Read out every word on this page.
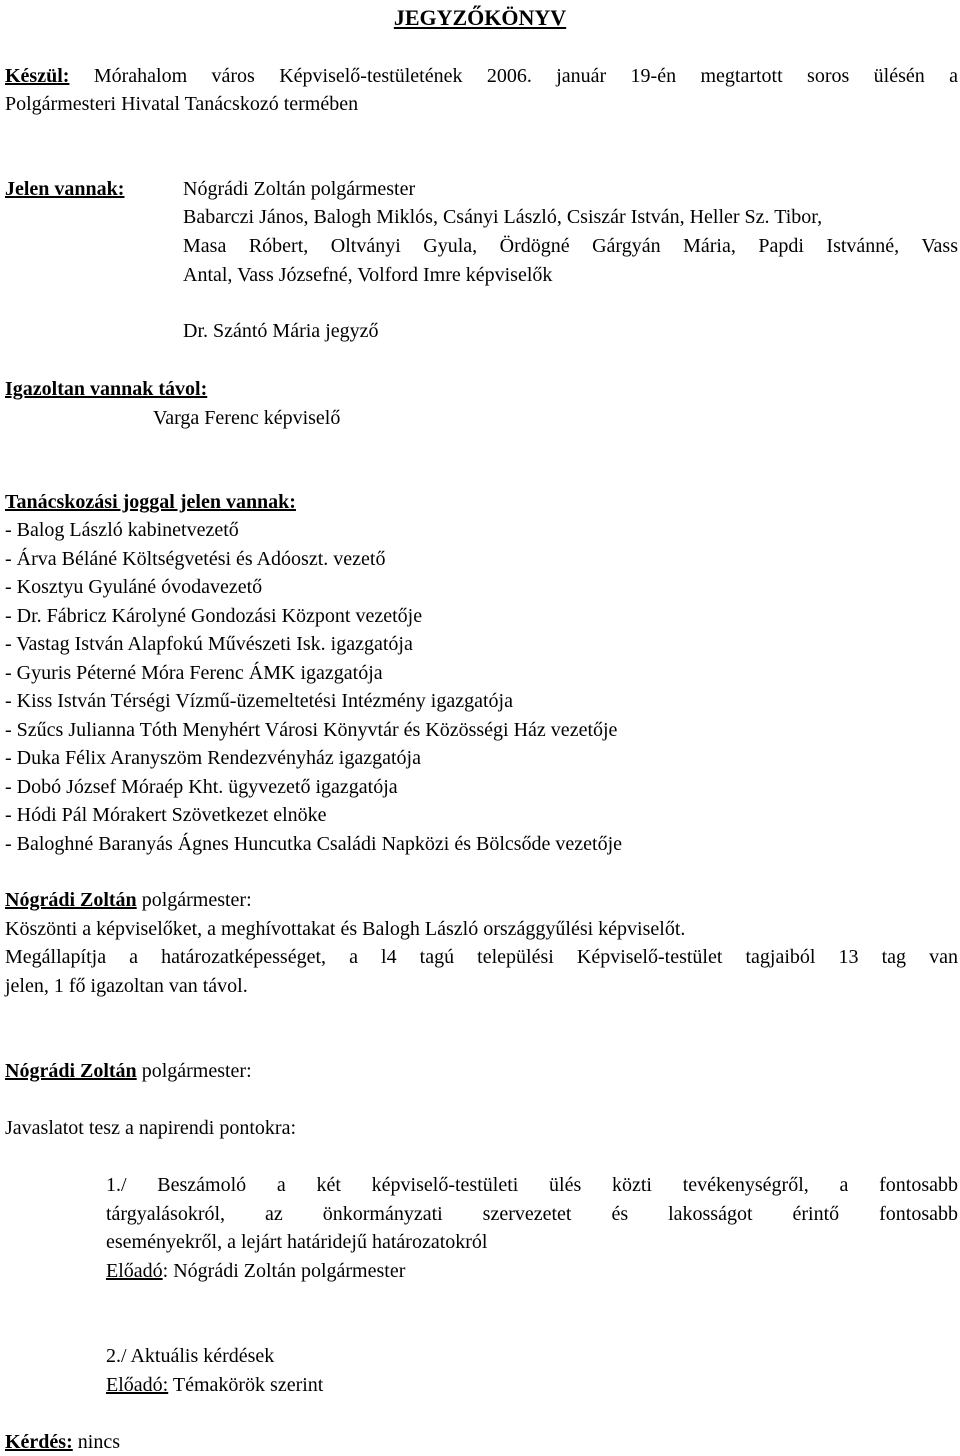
JEGYZŐKÖNYV
Készül: Mórahalom város Képviselő-testületének 2006. január 19-én megtartott soros ülésén a
Polgármesteri Hivatal Tanácskozó termében
Jelen vannak:	Nógrádi Zoltán polgármester
Babarczi János, Balogh Miklós, Csányi László, Csiszár István, Heller Sz. Tibor,
Masa Róbert, Oltványi Gyula, Ördögné Gárgyán Mária, Papdi Istvánné, Vass
Antal, Vass Józsefné, Volford Imre képviselők
Dr. Szántó Mária jegyző
Igazoltan vannak távol:
Varga Ferenc képviselő
Tanácskozási joggal jelen vannak:
- Balog László kabinetvezető
- Árva Béláné Költségvetési és Adóoszt. vezető
- Kosztyu Gyuláné óvodavezető
- Dr. Fábricz Károlyné Gondozási Központ vezetője
- Vastag István Alapfokú Művészeti Isk. igazgatója
- Gyuris Péterné Móra Ferenc ÁMK igazgatója
- Kiss István Térségi Vízmű-üzemeltetési Intézmény igazgatója
- Szűcs Julianna Tóth Menyhért Városi Könyvtár és Közösségi Ház vezetője
- Duka Félix Aranyszöm Rendezvényház igazgatója
- Dobó József Móraép Kht. ügyvezető igazgatója
- Hódi Pál Mórakert Szövetkezet elnöke
- Baloghné Baranyás Ágnes Huncutka Családi Napközi és Bölcsőde vezetője
Nógrádi Zoltán polgármester:
Köszönti a képviselőket, a meghívottakat és Balogh László országgyűlési képviselőt.
Megállapítja a határozatképességet, a l4 tagú települési Képviselő-testület tagjaiból 13 tag van
jelen, 1 fő igazoltan van távol.
Nógrádi Zoltán polgármester:
Javaslatot tesz a napirendi pontokra:
1./ Beszámoló a két képviselő-testületi ülés közti tevékenységről, a fontosabb
tárgyalásokról, az önkormányzati szervezetet és lakosságot érintő fontosabb
eseményekről, a lejárt határidejű határozatokról
Előadó: Nógrádi Zoltán polgármester
2./ Aktuális kérdések
Előadó: Témakörök szerint
Kérdés: nincs
